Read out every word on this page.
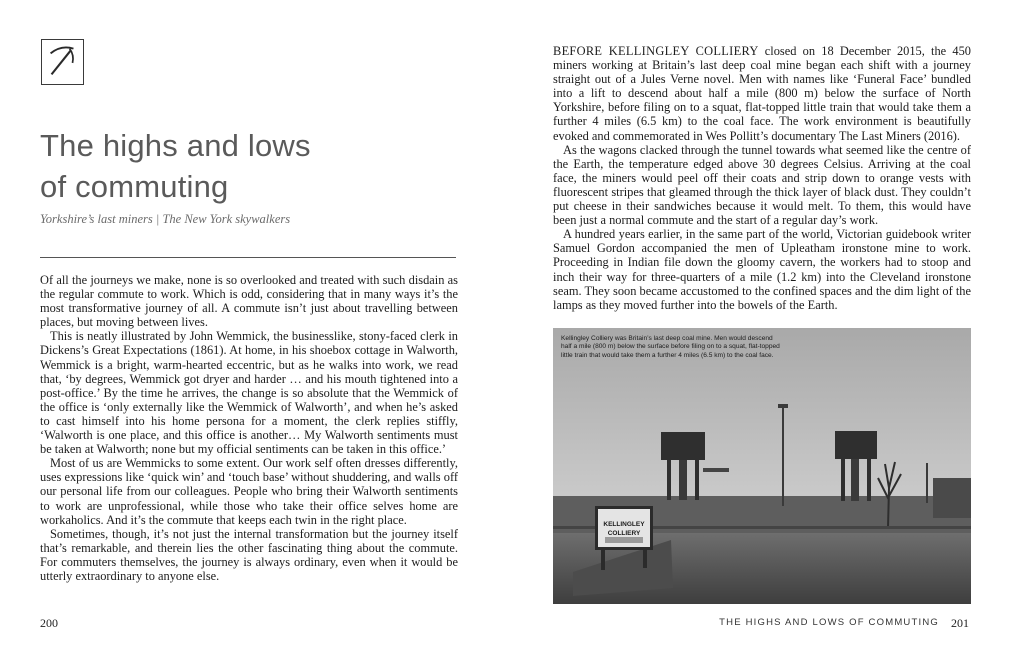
The highs and lows
of commuting
Yorkshire’s last miners | The New York skywalkers

Of all the journeys we make, none is so overlooked and treated with such disdain as the regular commute to work. Which is odd, considering that in many ways it’s the most transformative journey of all. A commute isn’t just about travelling between places, but moving between lives.

This is neatly illustrated by John Wemmick, the businesslike, stony-faced clerk in Dickens’s Great Expectations (1861). At home, in his shoebox cottage in Walworth, Wemmick is a bright, warm-hearted eccentric, but as he walks into work, we read that, ‘by degrees, Wemmick got dryer and harder … and his mouth tightened into a post-office.’ By the time he arrives, the change is so absolute that the Wemmick of the office is ‘only externally like the Wemmick of Walworth’, and when he’s asked to cast himself into his home persona for a moment, the clerk replies stiffly, ‘Walworth is one place, and this office is another… My Walworth sentiments must be taken at Walworth; none but my official sentiments can be taken in this office.’

Most of us are Wemmicks to some extent. Our work self often dresses differently, uses expressions like ‘quick win’ and ‘touch base’ without shuddering, and walls off our personal life from our colleagues. People who bring their Walworth sentiments to work are unprofessional, while those who take their office selves home are workaholics. And it’s the commute that keeps each twin in the right place.

Sometimes, though, it’s not just the internal transformation but the journey itself that’s remarkable, and therein lies the other fascinating thing about the commute. For commuters themselves, the journey is always ordinary, even when it would be utterly extraordinary to anyone else.

200

BEFORE KELLINGLEY COLLIERY closed on 18 December 2015, the 450 miners working at Britain’s last deep coal mine began each shift with a journey straight out of a Jules Verne novel. Men with names like ‘Funeral Face’ bundled into a lift to descend about half a mile (800 m) below the surface of North Yorkshire, before filing on to a squat, flat-topped little train that would take them a further 4 miles (6.5 km) to the coal face. The work environment is beautifully evoked and commemorated in Wes Pollitt’s documentary The Last Miners (2016).

As the wagons clacked through the tunnel towards what seemed like the centre of the Earth, the temperature edged above 30 degrees Celsius. Arriving at the coal face, the miners would peel off their coats and strip down to orange vests with fluorescent stripes that gleamed through the thick layer of black dust. They couldn’t put cheese in their sandwiches because it would melt. To them, this would have been just a normal commute and the start of a regular day’s work.

A hundred years earlier, in the same part of the world, Victorian guidebook writer Samuel Gordon accompanied the men of Upleatham ironstone mine to work. Proceeding in Indian file down the gloomy cavern, the workers had to stoop and inch their way for three-quarters of a mile (1.2 km) into the Cleveland ironstone seam. They soon became accustomed to the confined spaces and the dim light of the lamps as they moved further into the bowels of the Earth.

KELLINGLEY
COLLIERY
Kellingley Colliery was Britain’s last deep coal mine. Men would descend half a mile (800 m) below the surface before filing on to a squat, flat-topped little train that would take them a further 4 miles (6.5 km) to the coal face.
THE HIGHS AND LOWS OF COMMUTING 201
